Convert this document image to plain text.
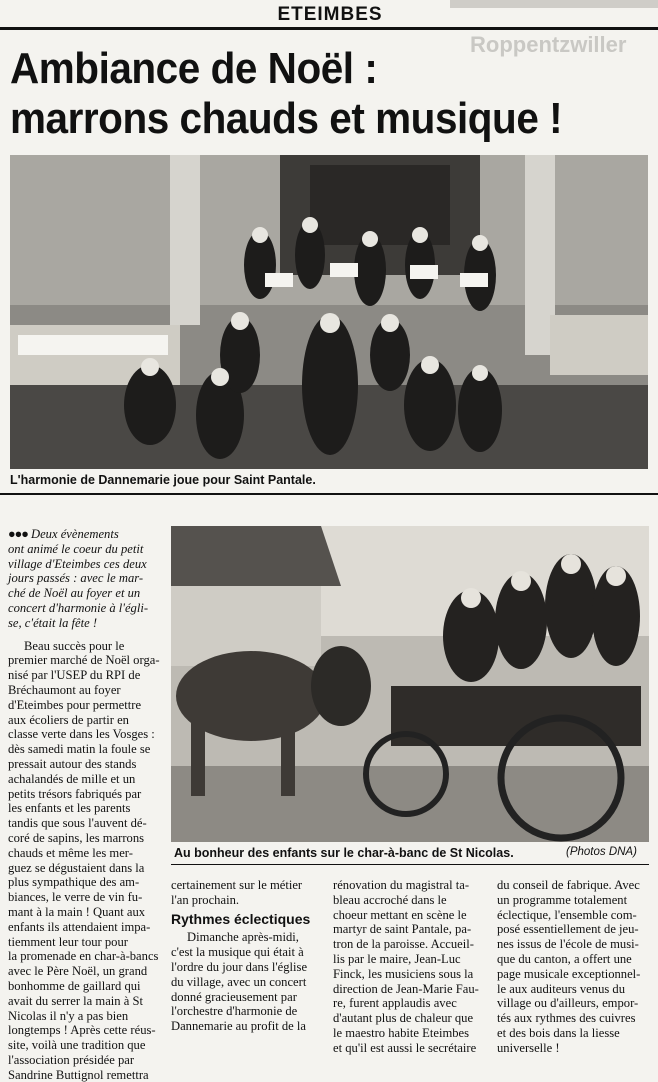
ETEIMBES
Roppentzwiller
Ambiance de Noël :
marrons chauds et musique !
L'harmonie de Dannemarie joue pour Saint Pantale.
Au bonheur des enfants sur le char-à-banc de St Nicolas.	(Photos DNA)
●●● Deux évènements
ont animé le coeur du petit
village d'Eteimbes ces deux
jours passés : avec le mar-
ché de Noël au foyer et un
concert d'harmonie à l'égli-
se, c'était la fête !
Beau succès pour le
premier marché de Noël orga-
nisé par l'USEP du RPI de
Bréchaumont au foyer
d'Eteimbes pour permettre
aux écoliers de partir en
classe verte dans les Vosges :
dès samedi matin la foule se
pressait autour des stands
achalandés de mille et un
petits trésors fabriqués par
les enfants et les parents
tandis que sous l'auvent dé-
coré de sapins, les marrons
chauds et même les mer-
guez se dégustaient dans la
plus sympathique des am-
biances, le verre de vin fu-
mant à la main ! Quant aux
enfants ils attendaient impa-
tiemment leur tour pour
la promenade en char-à-bancs
avec le Père Noël, un grand
bonhomme de gaillard qui
avait du serrer la main à St
Nicolas il n'y a pas bien
longtemps ! Après cette réus-
site, voilà une tradition que
l'association présidée par
Sandrine Buttignol remettra
certainement sur le métier
l'an prochain.
Rythmes éclectiques
Dimanche après-midi,
c'est la musique qui était à
l'ordre du jour dans l'église
du village, avec un concert
donné gracieusement par
l'orchestre d'harmonie de
Dannemarie au profit de la
rénovation du magistral ta-
bleau accroché dans le
choeur mettant en scène le
martyr de saint Pantale, pa-
tron de la paroisse. Accueil-
lis par le maire, Jean-Luc
Finck, les musiciens sous la
direction de Jean-Marie Fau-
re, furent applaudis avec
d'autant plus de chaleur que
le maestro habite Eteimbes
et qu'il est aussi le secrétaire
du conseil de fabrique. Avec
un programme totalement
éclectique, l'ensemble com-
posé essentiellement de jeu-
nes issus de l'école de musi-
que du canton, a offert une
page musicale exceptionnel-
le aux auditeurs venus du
village ou d'ailleurs, empor-
tés aux rythmes des cuivres
et des bois dans la liesse
universelle !
